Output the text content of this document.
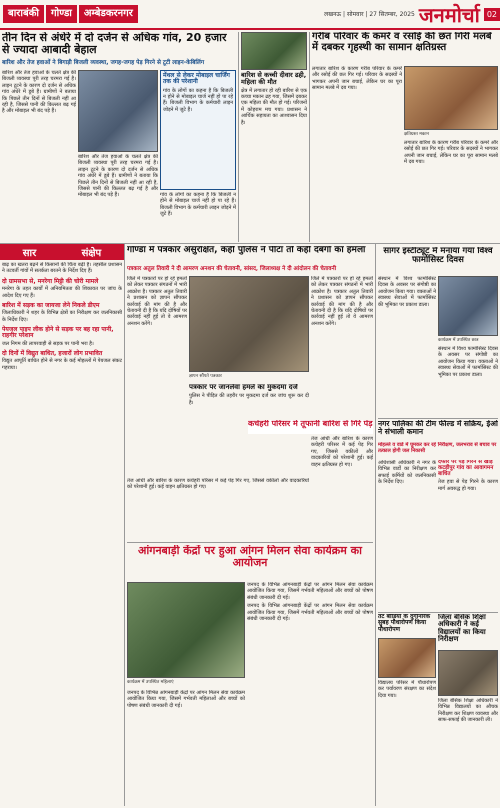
बाराबंकी	गोण्डा	अम्बेडकरनगर	लखनऊ | सोमवार | 27 सितम्बर, 2025 जनमोर्चा 02
तीन दिन से अंधेरे में दो दर्जन से अधिक गांव, 20 हजार से ज्यादा आबादी बेहाल
बारिश और तेज हवाओं ने बिगाड़ी बिजली व्यवस्था, जगह-जगह पेड़ गिरने से टूटी लाइन-केबिलिंग

बारिश और तेज हवाओं के चलते क्षेत्र की बिजली व्यवस्था पूरी तरह चरमरा गई है। लाइन टूटने के कारण दो दर्जन से अधिक गांव अंधेरे में डूबे हैं। ग्रामीणों ने बताया कि पिछले तीन दिनों से बिजली नहीं आ रही है, जिससे पानी की किल्लत बढ़ गई है और मोबाइल भी बंद पड़े हैं।

मेंथल से लेकर मोबाइल चार्जिंग तक की परेशानी
गांव के लोगों का कहना है कि बिजली न होने से मोबाइल चार्ज नहीं हो पा रहे हैं। बिजली विभाग के कर्मचारी लाइन जोड़ने में जुटे हैं।

बारिश और तेज हवाओं के चलते क्षेत्र की बिजली व्यवस्था पूरी तरह चरमरा गई है। लाइन टूटने के कारण दो दर्जन से अधिक गांव अंधेरे में डूबे हैं। ग्रामीणों ने बताया कि पिछले तीन दिनों से बिजली नहीं आ रही है, जिससे पानी की किल्लत बढ़ गई है और मोबाइल भी बंद पड़े हैं।	गांव के लोगों का कहना है कि बिजली न होने से मोबाइल चार्ज नहीं हो पा रहे हैं। बिजली विभाग के कर्मचारी लाइन जोड़ने में जुटे हैं।

बारिश से कच्ची दीवार ढही, महिला की मौत
क्षेत्र में लगातार हो रही बारिश से एक कच्चा मकान ढह गया, जिसमें दबकर एक महिला की मौत हो गई। परिजनों में कोहराम मच गया। प्रशासन ने आर्थिक सहायता का आश्वासन दिया है।
गरीब परिवार के कमरे व रसोई की छत गिरी मलबे में दबकर गृहस्थी का सामान क्षतिग्रस्त

लगातार बारिश के कारण गरीब परिवार के कमरे और रसोई की छत गिर गई। परिवार के सदस्यों ने भागकर अपनी जान बचाई, लेकिन घर का पूरा सामान मलबे में दब गया।

क्षतिग्रस्त मकान

लगातार बारिश के कारण गरीब परिवार के कमरे और रसोई की छत गिर गई। परिवार के सदस्यों ने भागकर अपनी जान बचाई, लेकिन घर का पूरा सामान मलबे में दब गया।

सार	संक्षेप
बाढ़ का खतरा बढ़ने से किसानों की चिंता बढ़ी है। तहसील प्रशासन ने तटवर्ती गांवों में सतर्कता बरतने के निर्देश दिए हैं।
दो ग्रामसभा से, मनरेगा मिट्टी की चोरी मामले
मनरेगा के तहत कार्यों में अनियमितता की शिकायत पर जांच के आदेश दिए गए हैं।
बारिश में सड़क का जायजा लेने निकले डीएम
जिलाधिकारी ने शहर के विभिन्न क्षेत्रों का निरीक्षण कर जलनिकासी के निर्देश दिए।
पेयजल पाइप लीक होने से सड़क पर बह रहा पानी, राहगीर परेशान
जल निगम की लापरवाही से सड़क पर पानी भरा है।
दो दिनों में विद्युत बाधित, हजारों लोग प्रभावित
विद्युत आपूर्ति बाधित होने से नगर के कई मोहल्लों में पेयजल संकट गहराया।
गोण्डा में पत्रकार असुरक्षित, कहीं पुलिस ने पीटा तो कहीं दबंगों का हमला
पत्रकार अतुल तिवारी ने दी आमरण अनशन की चेतावनी, सांसद, जिलाध्यक्ष ने दी आंदोलन की चेतावनी

जिले में पत्रकारों पर हो रहे हमलों को लेकर पत्रकार संगठनों में भारी आक्रोश है। पत्रकार अतुल तिवारी ने प्रशासन को ज्ञापन सौंपकर कार्रवाई की मांग की है और चेतावनी दी है कि यदि दोषियों पर कार्रवाई नहीं हुई तो वे आमरण अनशन करेंगे।

ज्ञापन सौंपते पत्रकार

जिले में पत्रकारों पर हो रहे हमलों को लेकर पत्रकार संगठनों में भारी आक्रोश है। पत्रकार अतुल तिवारी ने प्रशासन को ज्ञापन सौंपकर कार्रवाई की मांग की है और चेतावनी दी है कि यदि दोषियों पर कार्रवाई नहीं हुई तो वे आमरण अनशन करेंगे।

पत्रकार पर जानलेवा हमले का मुकदमा दर्ज
पुलिस ने पीड़ित की तहरीर पर मुकदमा दर्ज कर जांच शुरू कर दी है।
कचेहरी परिसर में तूफानी बारिश से गिरे पेड़

तेज आंधी और बारिश के कारण कचेहरी परिसर में कई पेड़ गिर गए, जिससे वकीलों और वादकारियों को परेशानी हुई। कई वाहन क्षतिग्रस्त हो गए।

तेज आंधी और बारिश के कारण कचेहरी परिसर में कई पेड़ गिर गए, जिससे वकीलों और वादकारियों को परेशानी हुई। कई वाहन क्षतिग्रस्त हो गए।

आंगनबाड़ी केंद्रों पर हुआ आंगन मिलन सेवा कार्यक्रम का आयोजन
कार्यक्रम में उपस्थित महिलाएं

जनपद के विभिन्न आंगनबाड़ी केंद्रों पर आंगन मिलन सेवा कार्यक्रम आयोजित किया गया, जिसमें गर्भवती महिलाओं और बच्चों को पोषण संबंधी जानकारी दी गई।

जनपद के विभिन्न आंगनबाड़ी केंद्रों पर आंगन मिलन सेवा कार्यक्रम आयोजित किया गया, जिसमें गर्भवती महिलाओं और बच्चों को पोषण संबंधी जानकारी दी गई।

जनपद के विभिन्न आंगनबाड़ी केंद्रों पर आंगन मिलन सेवा कार्यक्रम आयोजित किया गया, जिसमें गर्भवती महिलाओं और बच्चों को पोषण संबंधी जानकारी दी गई।

सागर इंस्टीट्यूट में मनाया गया विश्व फार्मासिस्ट दिवस

संस्थान में विश्व फार्मासिस्ट दिवस के अवसर पर संगोष्ठी का आयोजन किया गया। वक्ताओं ने स्वास्थ्य सेवाओं में फार्मासिस्ट की भूमिका पर प्रकाश डाला।

कार्यक्रम में उपस्थित छात्र

संस्थान में विश्व फार्मासिस्ट दिवस के अवसर पर संगोष्ठी का आयोजन किया गया। वक्ताओं ने स्वास्थ्य सेवाओं में फार्मासिस्ट की भूमिका पर प्रकाश डाला।

नगर पालिका की टीम फील्ड में सक्रिय, ईओ ने संभाली कमान
मोहल्ले व वार्ड में घूमकर कर रहे निरीक्षण, जलभराव से बचाव पर तत्काल होगी जल निकासी

अधिशासी अधिकारी ने नगर के विभिन्न वार्डों का निरीक्षण कर सफाई कर्मियों को जलनिकासी के निर्देश दिए।

दफ्तर पर पेड़ गिरने से खोड़ कटड़ीपुर गांव का आवागमन बाधित
तेज हवा से पेड़ गिरने के कारण मार्ग अवरुद्ध हो गया।
तट बीडियो के दुर्गीनोरेक सुबह पौधारोपण किया पौधारोपण

विद्यालय परिसर में पौधारोपण कर पर्यावरण संरक्षण का संदेश दिया गया।

जिला बेसिक शिक्षा अधिकारी ने कई विद्यालयों का किया निरीक्षण

जिला बेसिक शिक्षा अधिकारी ने विभिन्न विद्यालयों का औचक निरीक्षण कर शिक्षण व्यवस्था और साफ-सफाई की जानकारी ली।
